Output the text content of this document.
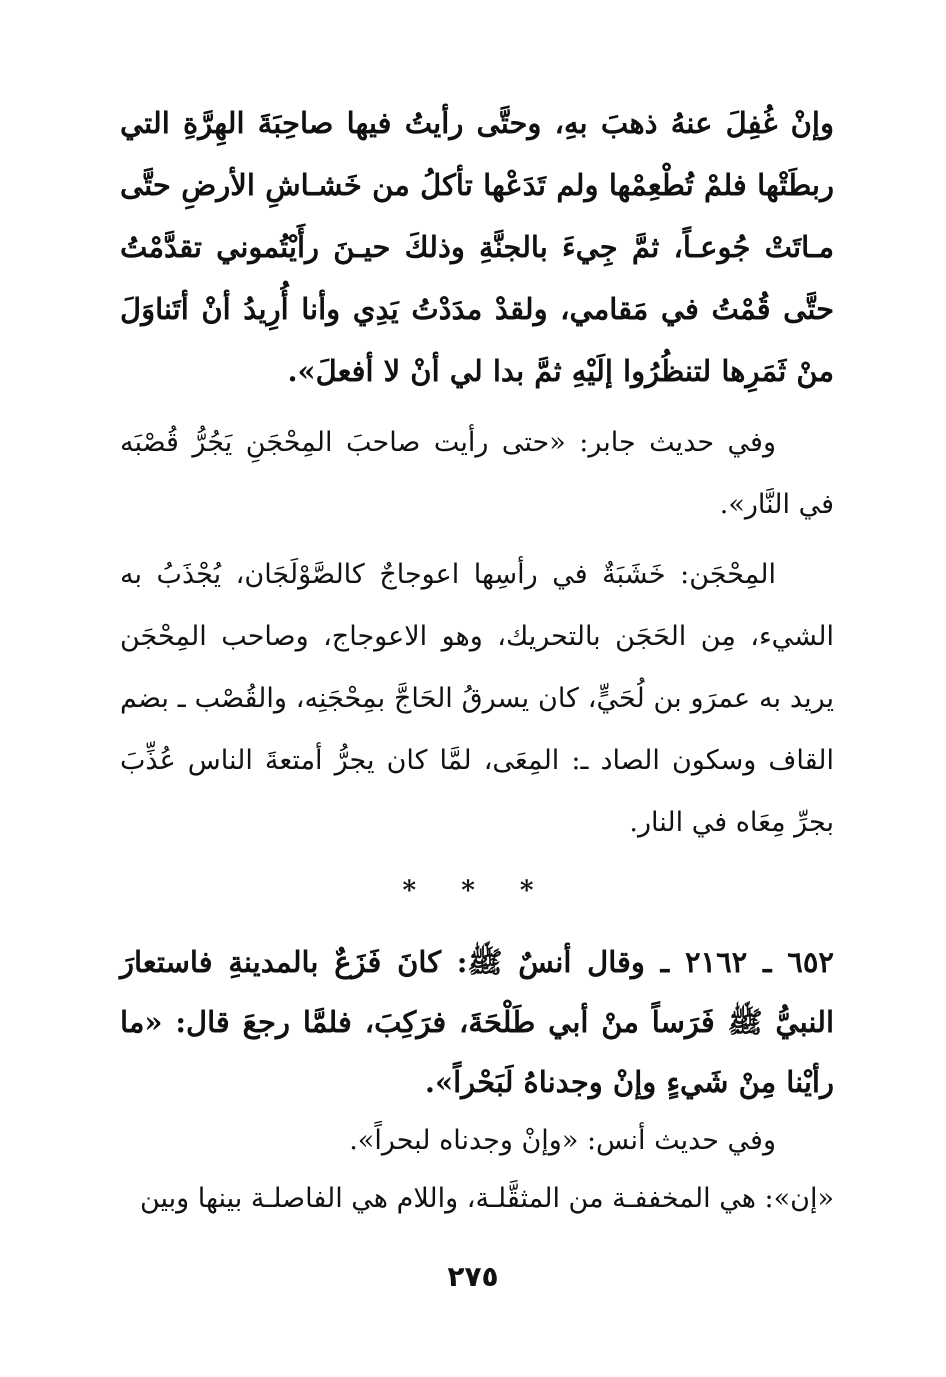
وإنْ غُفِلَ عنهُ ذهبَ بهِ، وحتَّى رأيتُ فيها صاحِبَةَ الهِرَّةِ التي ربطَتْها فلمْ تُطْعِمْها ولم تَدَعْها تأكلُ من خَشـاشِ الأرضِ حتَّى مـاتَتْ جُوعـاً، ثمَّ جِيءَ بالجنَّةِ وذلكَ حيـنَ رأَيْتُموني تقدَّمْتُ حتَّى قُمْتُ في مَقامي، ولقدْ مدَدْتُ يَدِي وأنا أُرِيدُ أنْ أتَناوَلَ منْ ثَمَرِها لتنظُرُوا إلَيْهِ ثمَّ بدا لي أنْ لا أفعلَ».

وفي حديث جابر: «حتى رأيت صاحبَ المِحْجَنِ يَجُرُّ قُصْبَه في النَّار».

المِحْجَن: خَشَبَةٌ في رأسِها اعوجاجٌ كالصَّوْلَجَان، يُجْذَبُ به الشيء، مِن الحَجَن بالتحريك، وهو الاعوجاج، وصاحب المِحْجَن يريد به عمرَو بن لُحَيٍّ، كان يسرقُ الحَاجَّ بمِحْجَنِه، والقُصْب ـ بضم القاف وسكون الصاد ـ: المِعَى، لمَّا كان يجرُّ أمتعةَ الناس عُذِّبَ بجرِّ مِعَاه في النار.

* * *

٦٥٢ ـ ٢١٦٢ ـ وقال أنسٌ ﷺ: كانَ فَزَعٌ بالمدينةِ فاستعارَ النبيُّ ﷺ فَرَساً منْ أبي طَلْحَةَ، فرَكِبَ، فلمَّا رجعَ قال: «ما رأيْنا مِنْ شَيءٍ وإنْ وجدناهُ لَبَحْراً».

وفي حديث أنس: «وإنْ وجدناه لبحراً».

«إن»: هي المخففـة من المثقَّلـة، واللام هي الفاصلـة بينها وبين

٢٧٥
